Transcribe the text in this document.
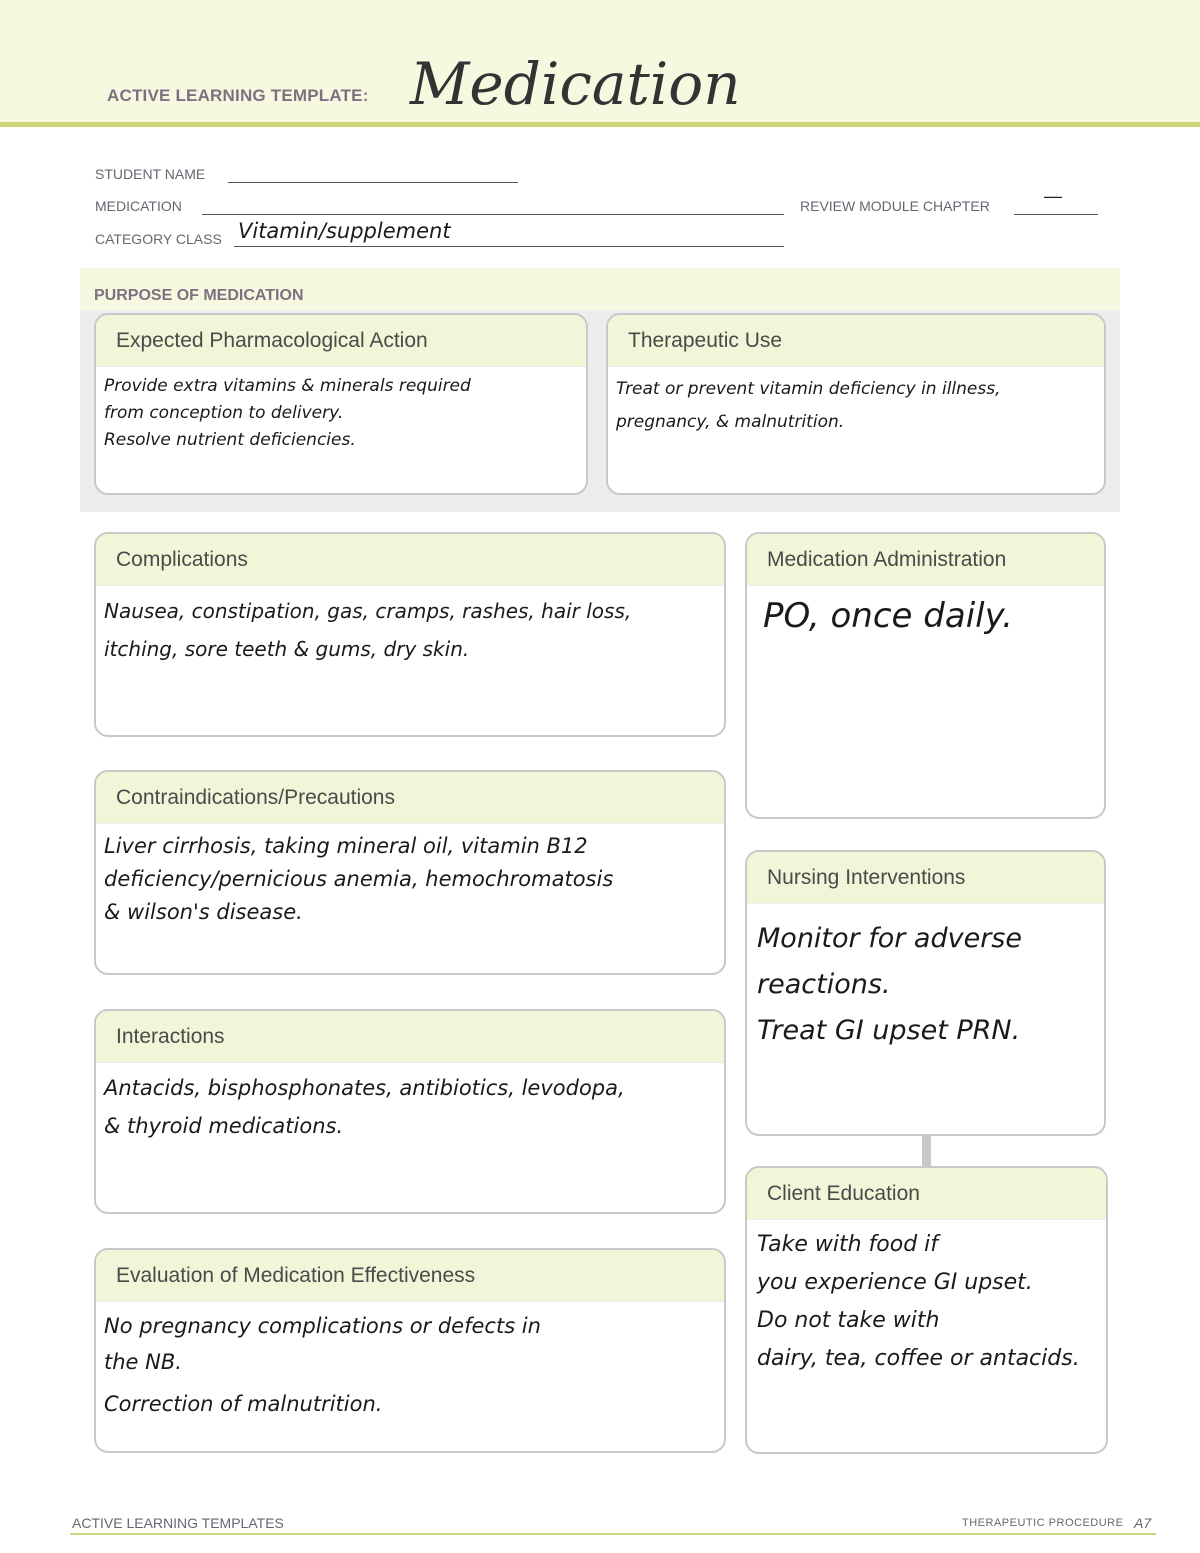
ACTIVE LEARNING TEMPLATE: Medication
STUDENT NAME
MEDICATION	REVIEW MODULE CHAPTER	—
CATEGORY CLASS Vitamin/supplement
PURPOSE OF MEDICATION
Expected Pharmacological Action
Provide extra vitamins & minerals required
from conception to delivery.
Resolve nutrient deficiencies.
Therapeutic Use
Treat or prevent vitamin deficiency in illness,
pregnancy, & malnutrition.
Complications
Nausea, constipation, gas, cramps, rashes, hair loss,
itching, sore teeth & gums, dry skin.
Contraindications/Precautions
Liver cirrhosis, taking mineral oil, vitamin B12
deficiency/pernicious anemia, hemochromatosis
& wilson's disease.
Interactions
Antacids, bisphosphonates, antibiotics, levodopa,
& thyroid medications.
Evaluation of Medication Effectiveness
No pregnancy complications or defects in
the NB.
Correction of malnutrition.
Medication Administration
PO, once daily.
Nursing Interventions
Monitor for adverse
reactions.
Treat GI upset PRN.
Client Education
Take with food if
you experience GI upset.
Do not take with
dairy, tea, coffee or antacids.
ACTIVE LEARNING TEMPLATES	THERAPEUTIC PROCEDURE A7
